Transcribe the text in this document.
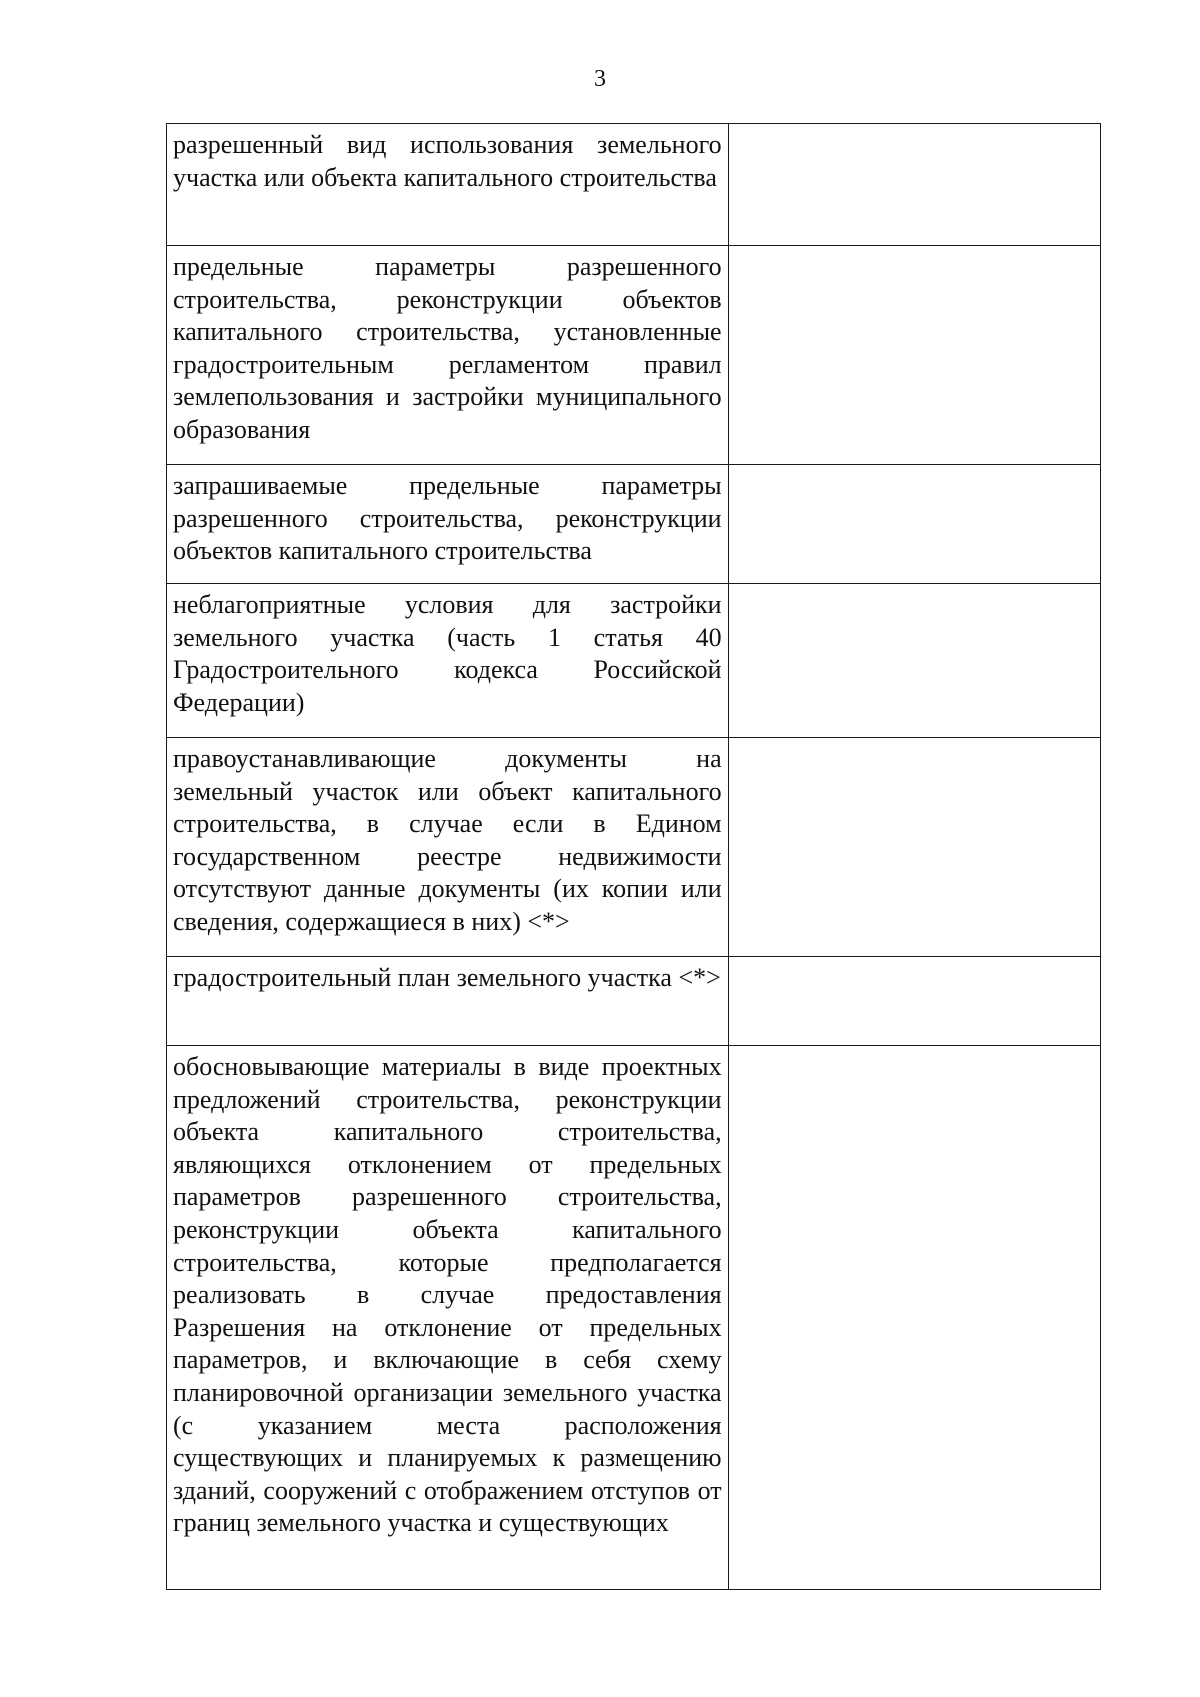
3

разрешенный вид использования земельного участка или объекта капитального строительства	

предельные параметры разрешенного строительства, реконструкции объектов капитального строительства, установленные градостроительным регламентом правил землепользования и застройки муниципального образования	

запрашиваемые предельные параметры разрешенного строительства, реконструкции объектов капитального строительства	

неблагоприятные условия для застройки земельного участка (часть 1 статья 40 Градостроительного кодекса Российской Федерации)	

правоустанавливающие документы на земельный участок или объект капитального строительства, в случае если в Едином государственном реестре недвижимости отсутствуют данные документы (их копии или сведения, содержащиеся в них) <*>	

градостроительный план земельного участка <*>	

обосновывающие материалы в виде проектных предложений строительства, реконструкции объекта капитального строительства, являющихся отклонением от предельных параметров разрешенного строительства, реконструкции объекта капитального строительства, которые предполагается реализовать в случае предоставления Разрешения на отклонение от предельных параметров, и включающие в себя схему планировочной организации земельного участка (с указанием места расположения существующих и планируемых к размещению зданий, сооружений с отображением отступов от границ земельного участка и существующих	
